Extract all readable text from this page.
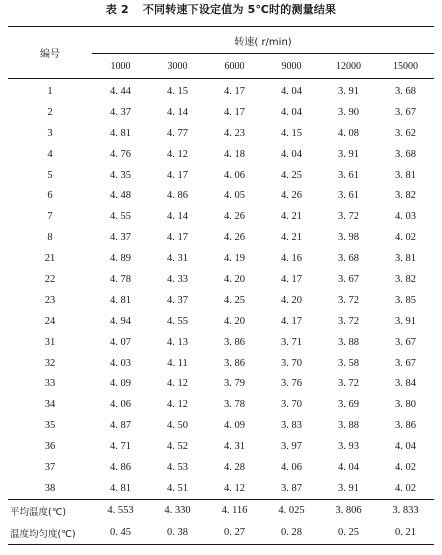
表 2 不同转速下设定值为 5℃时的测量结果
编号	转速( r/min)					
	1000	3000	6000	9000	12000	15000
1	4. 44	4. 15	4. 17	4. 04	3. 91	3. 68
2	4. 37	4. 14	4. 17	4. 04	3. 90	3. 67
3	4. 81	4. 77	4. 23	4. 15	4. 08	3. 62
4	4. 76	4. 12	4. 18	4. 04	3. 91	3. 68
5	4. 35	4. 17	4. 06	4. 25	3. 61	3. 81
6	4. 48	4. 86	4. 05	4. 26	3. 61	3. 82
7	4. 55	4. 14	4. 26	4. 21	3. 72	4. 03
8	4. 37	4. 17	4. 26	4. 21	3. 98	4. 02
21	4. 89	4. 31	4. 19	4. 16	3. 68	3. 81
22	4. 78	4. 33	4. 20	4. 17	3. 67	3. 82
23	4. 81	4. 37	4. 25	4. 20	3. 72	3. 85
24	4. 94	4. 55	4. 20	4. 17	3. 72	3. 91
31	4. 07	4. 13	3. 86	3. 71	3. 88	3. 67
32	4. 03	4. 11	3. 86	3. 70	3. 58	3. 67
33	4. 09	4. 12	3. 79	3. 76	3. 72	3. 84
34	4. 06	4. 12	3. 78	3. 70	3. 69	3. 80
35	4. 87	4. 50	4. 09	3. 83	3. 88	3. 86
36	4. 71	4. 52	4. 31	3. 97	3. 93	4. 04
37	4. 86	4. 53	4. 28	4. 06	4. 04	4. 02
38	4. 81	4. 51	4. 12	3. 87	3. 91	4. 02
平均温度(℃)	4. 553	4. 330	4. 116	4. 025	3. 806	3. 833
温度均匀度(℃)	0. 45	0. 38	0. 27	0. 28	0. 25	0. 21
